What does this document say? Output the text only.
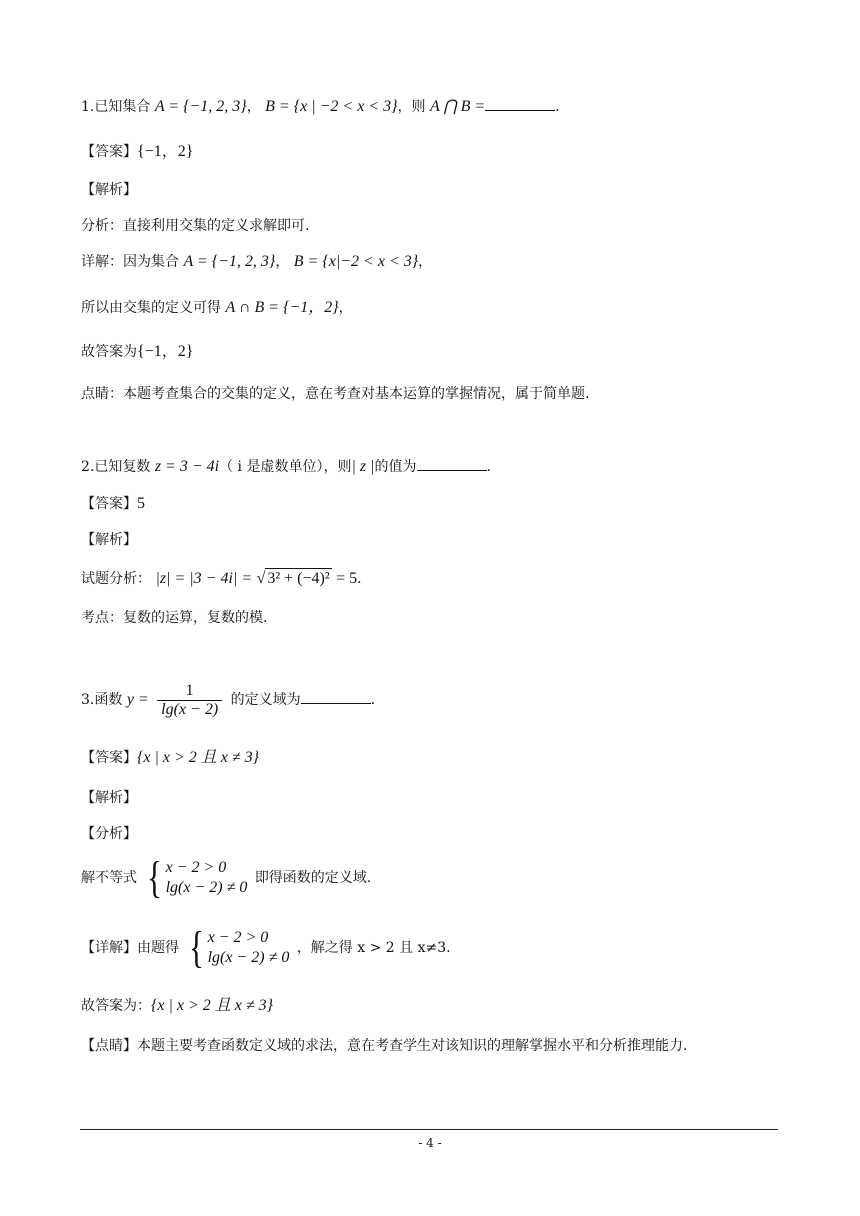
1.已知集合 A = {−1, 2, 3}， B = {x | −2 < x < 3}，则 A ⋂ B =	.
【答案】{−1，2}
【解析】
分析：直接利用交集的定义求解即可.
详解：因为集合 A = {−1, 2, 3}， B = {x|−2 < x < 3}，
所以由交集的定义可得 A ∩ B = {−1，2}，
故答案为{−1，2}
点睛：本题考查集合的交集的定义，意在考查对基本运算的掌握情况，属于简单题.
2.已知复数 z = 3 − 4i（ i 是虚数单位），则| z |的值为	.
【答案】5
【解析】
试题分析： |z| = |3 − 4i| = √ 3² + (−4)² = 5.
考点：复数的运算，复数的模.
3.函数 $y = \frac{1}{\lg(x - 2)}$ 的定义域为	.
【答案】{x | x > 2 且 x ≠ 3}
【解析】
【分析】
解不等式 { x − 2 > 0
lg(x − 2) ≠ 0
即得函数的定义域.
【详解】由题得 { x − 2 > 0
lg(x − 2) ≠ 0
，解之得 x > 2 且 x≠3.
故答案为：{x | x > 2 且 x ≠ 3}
【点睛】本题主要考查函数定义域的求法，意在考查学生对该知识的理解掌握水平和分析推理能力.
- 4 -
